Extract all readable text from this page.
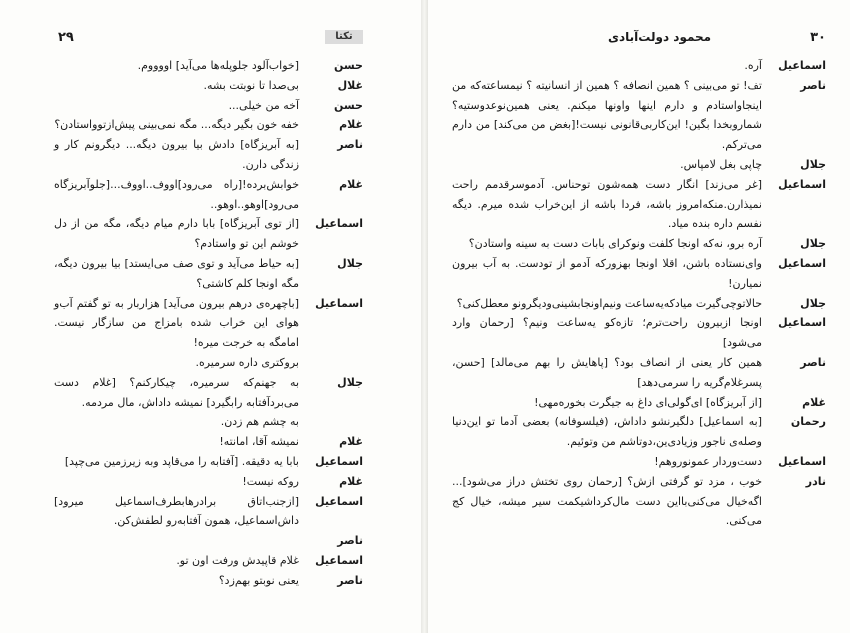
۲۹	تکتا
حسن
[خواب‌آلود جلوپله‌ها می‌آید] اووووم.
غلال
بی‌صدا تا نوبتت بشه.
حسن
آخه من خیلی...
غلام
خفه خون بگیر دیگه... مگه نمی‌بینی پیش‌ازتو‌واستادن؟
ناصر
[به آبریزگاه] دادش بیا بیرون دیگه... دیگرونم کار و زندگی دارن.
غلام
خوابش‌برده![راه می‌رود]اووف..اووف...[جلوآبریزگاه می‌رود]اوهو..اوهو..
اسماعیل
[از توی آبریزگاه] بابا دارم میام دیگه، مگه من از دل خوشم این تو واستادم؟
جلال
[به حیاط می‌آید و توی صف می‌ایستد] بیا بیرون دیگه، مگه اونجا کلم کاشتی؟
اسماعیل
[باچهره‌ی درهم بیرون می‌آید] هزاربار به تو گفتم آب‌و هوای این خراب شده بامزاج من سازگار نیست. امامگه به خرجت میره!
بروکتری داره سرمیره.
جلال
به جهنم‌که سرمیره، چیکارکنم؟ [غلام دست می‌بردآفتابه رابگیرد] نمیشه داداش، مال مردمه.
به چشم هم زدن.
غلام
نمیشه آقا، امانته!
اسماعیل
بابا یه دقیقه. [آفتابه را می‌قاپد وبه زیرزمین می‌چپد]
غلام
روکه نیست!
اسماعیل
[ازجنب‌اتاق برادرها‌بطرف‌اسماعیل میرود] داش‌اسماعیل، همون آفتابه‌رو لطفش‌کن.
ناصر
اسماعیل
غلام قاپیدش ورفت اون تو.
ناصر
یعنی نوبتو بهم‌زد؟
۳۰
محمود دولت‌آبادی
اسماعیل
آره.
ناصر
تف! تو می‌بینی ؟ همین انصافه ؟ همین از انسانیته ؟ نیمساعته‌که من اینجاواستادم و دارم اینها واونها میکنم. یعنی همین‌نوعدوستیه؟ شماروبخدا بگین! این‌کاربی‌قانونی نیست![بغض من می‌کند] من دارم می‌ترکم.
جلال
چاپی بغل لامپاس.
اسماعیل
[غر می‌زند] انگار دست همه‌شون توحناس. آدموسرقدمم راحت نمیذارن.منکه‌امروز باشه، فردا باشه از این‌خراب شده میرم. دیگه نفسم داره بنده میاد.
جلال
آره برو، نه‌که اونجا کلفت ونوکرای بابات دست به سینه واستادن؟
اسماعیل
وای‌نستاده باشن، اقلا اونجا بهزورکه آدمو از تودست. به آب بیرون نمیارن!
جلال
حالاتوچی‌گیرت میادکه‌یه‌ساعت ونیم‌اونجابشینی‌ودیگرونو معطل‌کنی؟
اسماعیل
اونجا ازبیرون راحت‌ترم؛ تازه‌کو یه‌ساعت ونیم؟ [رحمان وارد می‌شود]
ناصر
همین کار یعنی از انصاف بود؟ [پاهایش را بهم می‌مالد] [حسن، پسرغلام‌گریه را سرمی‌دهد]
غلام
[از آبریزگاه] ای‌گولی‌ای داغ به جیگرت بخوره‌مهی!
رحمان
[به اسماعیل] دلگیرنشو داداش، (فیلسوفانه) بعضی آدما تو این‌دنیا وصله‌ی ناجور وزیادی‌ین،دوتاشم من وتوئیم.
اسماعیل
دست‌وردار عمونوروهم!
نادر
خوب ، مزد تو گرفتی ازش؟ [رحمان روی تختش دراز می‌شود]... اگه‌خیال می‌کنی‌بااین دست مال‌کرداشیکمت سیر میشه، خیال کج می‌کنی.
